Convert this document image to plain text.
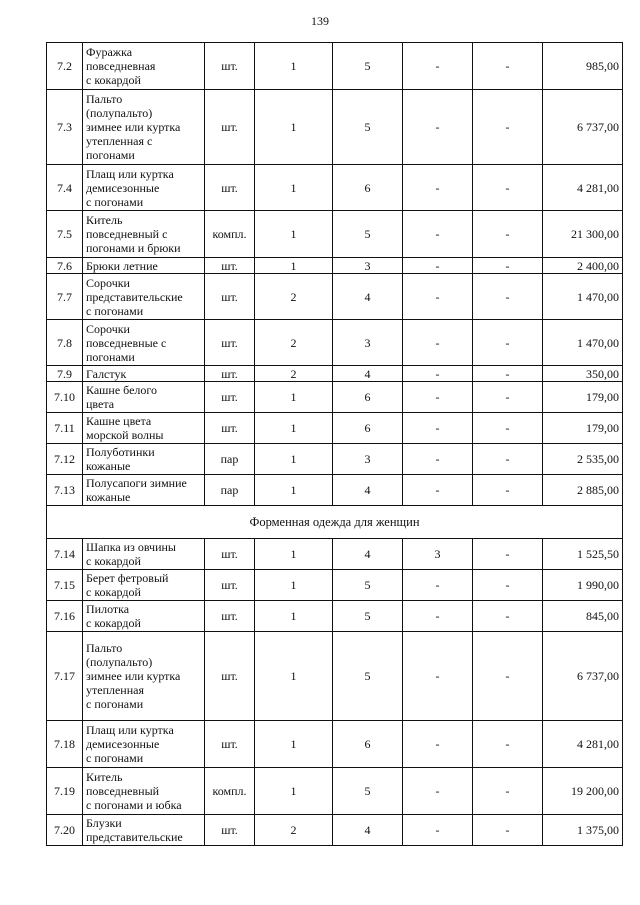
139
7.2	Фуражка
повседневная
с кокардой	шт.	1	5	-	-	985,00
7.3	Пальто
(полупальто)
зимнее или куртка
утепленная с
погонами	шт.	1	5	-	-	6 737,00
7.4	Плащ или куртка
демисезонные
с погонами	шт.	1	6	-	-	4 281,00
7.5	Китель
повседневный с
погонами и брюки	компл.	1	5	-	-	21 300,00
7.6	Брюки летние	шт.	1	3	-	-	2 400,00
7.7	Сорочки
представительские
с погонами	шт.	2	4	-	-	1 470,00
7.8	Сорочки
повседневные с
погонами	шт.	2	3	-	-	1 470,00
7.9	Галстук	шт.	2	4	-	-	350,00
7.10	Кашне белого
цвета	шт.	1	6	-	-	179,00
7.11	Кашне цвета
морской волны	шт.	1	6	-	-	179,00
7.12	Полуботинки
кожаные	пар	1	3	-	-	2 535,00
7.13	Полусапоги зимние
кожаные	пар	1	4	-	-	2 885,00
Форменная одежда для женщин							
7.14	Шапка из овчины
с кокардой	шт.	1	4	3	-	1 525,50
7.15	Берет фетровый
с кокардой	шт.	1	5	-	-	1 990,00
7.16	Пилотка
с кокардой	шт.	1	5	-	-	845,00
7.17	Пальто
(полупальто)
зимнее или куртка
утепленная
с погонами	шт.	1	5	-	-	6 737,00
7.18	Плащ или куртка
демисезонные
с погонами	шт.	1	6	-	-	4 281,00
7.19	Китель
повседневный
с погонами и юбка	компл.	1	5	-	-	19 200,00
7.20	Блузки
представительские	шт.	2	4	-	-	1 375,00
